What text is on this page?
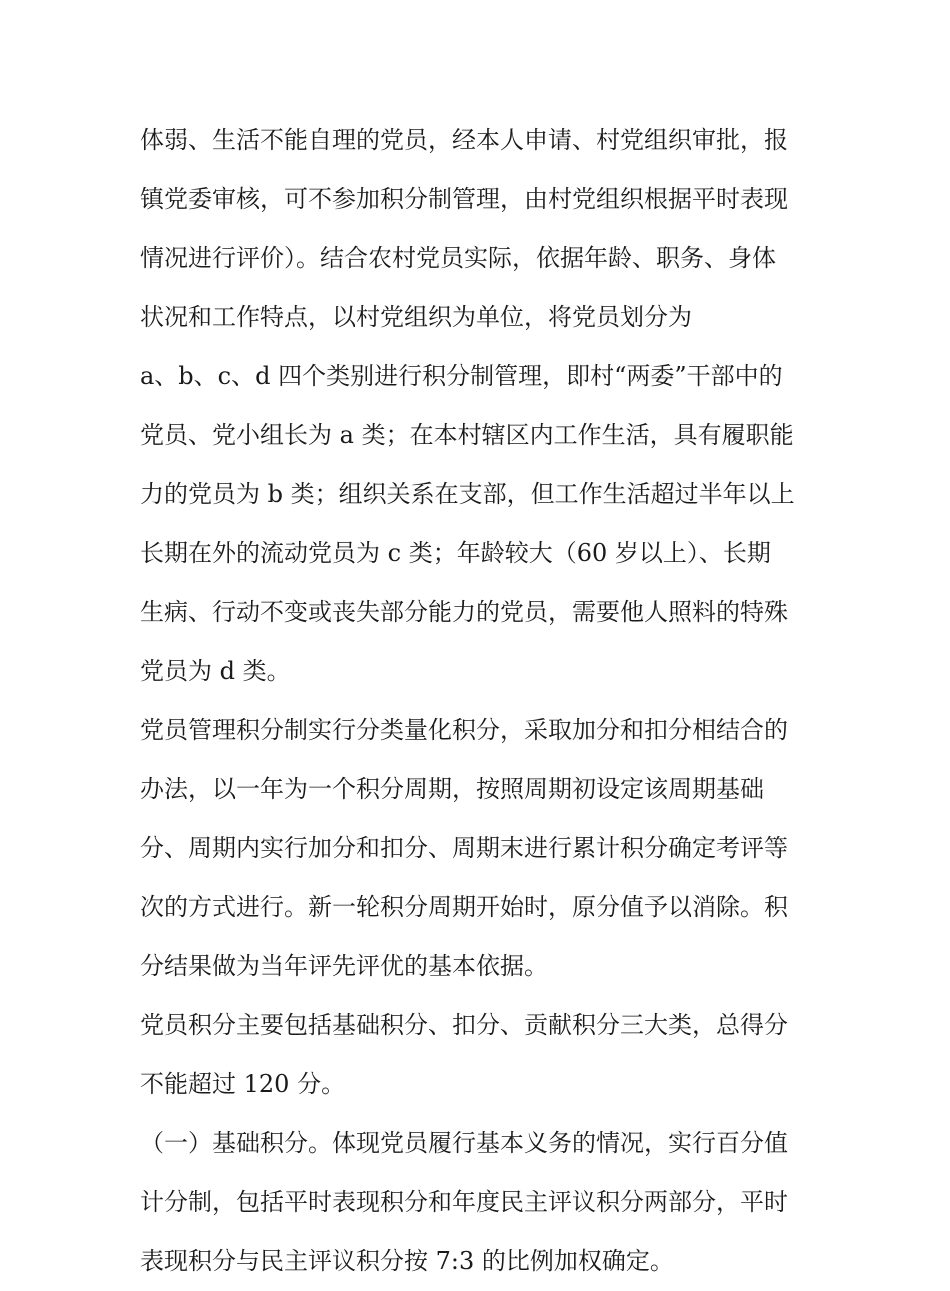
体弱、生活不能自理的党员，经本人申请、村党组织审批，报
镇党委审核，可不参加积分制管理，由村党组织根据平时表现
情况进行评价）。结合农村党员实际，依据年龄、职务、身体
状况和工作特点，以村党组织为单位，将党员划分为
a、b、c、d 四个类别进行积分制管理，即村“两委”干部中的
党员、党小组长为 a 类；在本村辖区内工作生活，具有履职能
力的党员为 b 类；组织关系在支部，但工作生活超过半年以上
长期在外的流动党员为 c 类；年龄较大（60 岁以上）、长期
生病、行动不变或丧失部分能力的党员，需要他人照料的特殊
党员为 d 类。
党员管理积分制实行分类量化积分，采取加分和扣分相结合的
办法，以一年为一个积分周期，按照周期初设定该周期基础
分、周期内实行加分和扣分、周期末进行累计积分确定考评等
次的方式进行。新一轮积分周期开始时，原分值予以消除。积
分结果做为当年评先评优的基本依据。
党员积分主要包括基础积分、扣分、贡献积分三大类，总得分
不能超过 120 分。
（一）基础积分。体现党员履行基本义务的情况，实行百分值
计分制，包括平时表现积分和年度民主评议积分两部分，平时
表现积分与民主评议积分按 7:3 的比例加权确定。
